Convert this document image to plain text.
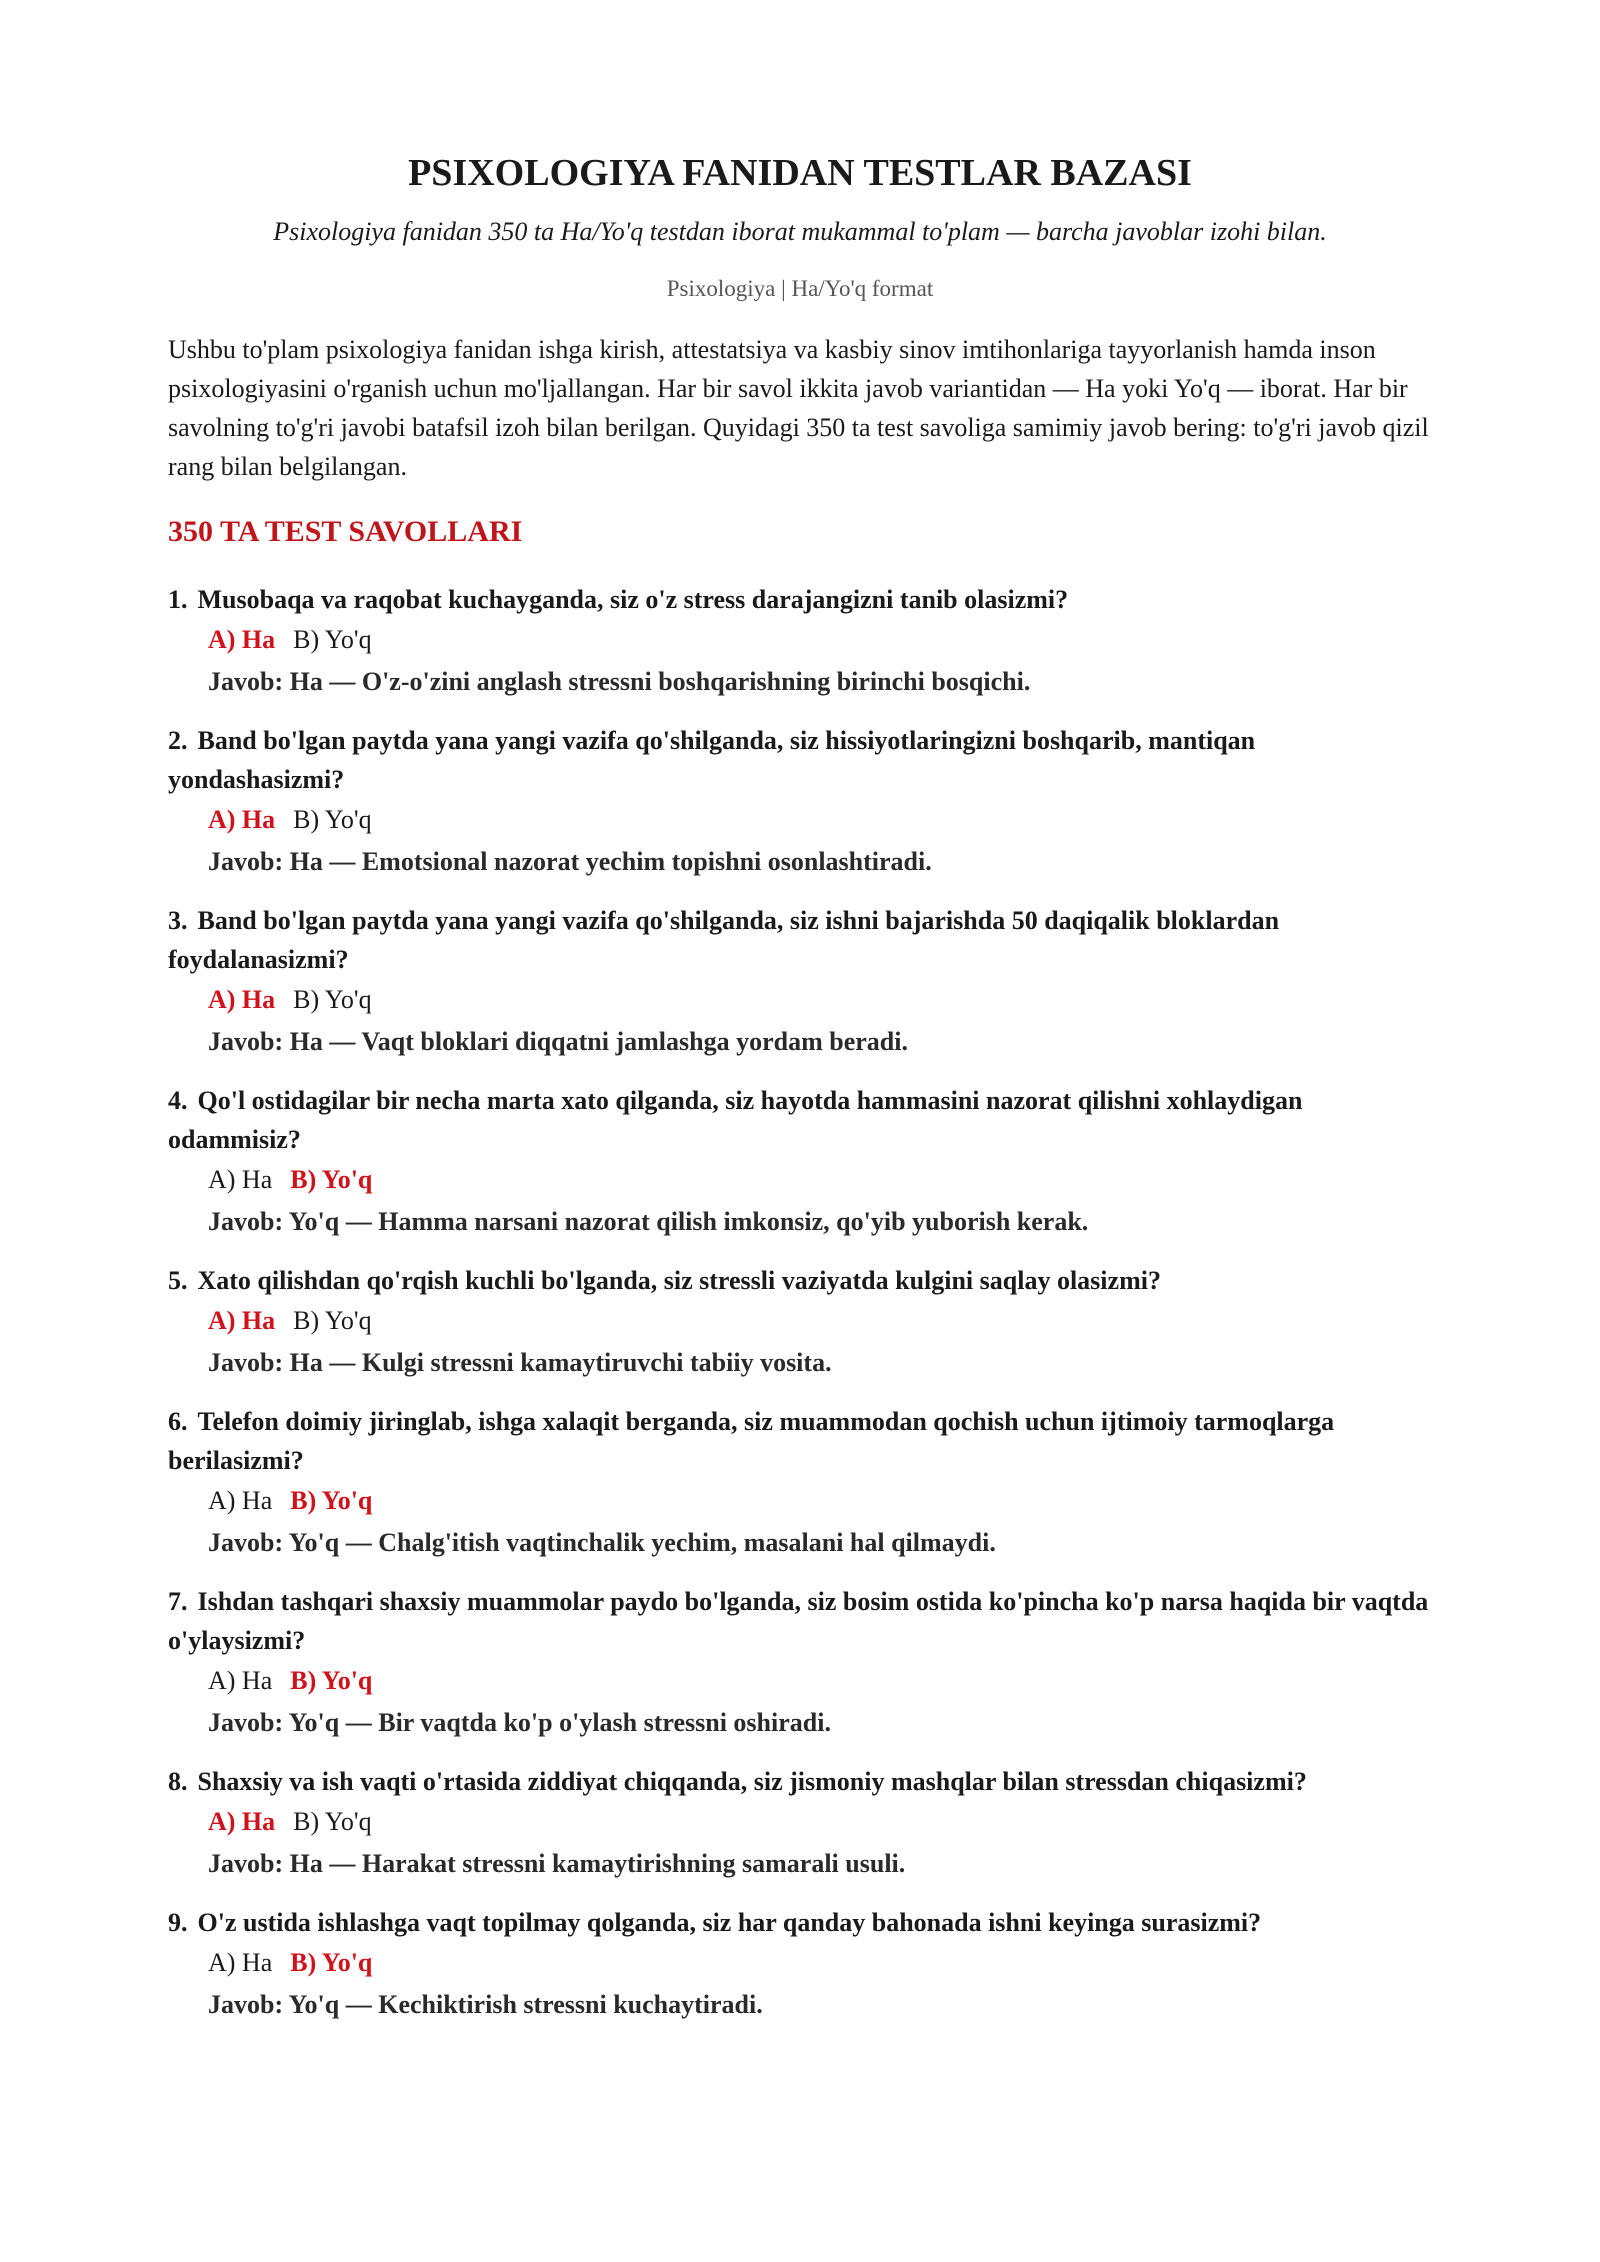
PSIXOLOGIYA FANIDAN TESTLAR BAZASI

Psixologiya fanidan 350 ta Ha/Yo'q testdan iborat mukammal to'plam — barcha javoblar izohi bilan.

Psixologiya | Ha/Yo'q format

Ushbu to'plam psixologiya fanidan ishga kirish, attestatsiya va kasbiy sinov imtihonlariga tayyorlanish hamda inson psixologiyasini o'rganish uchun mo'ljallangan. Har bir savol ikkita javob variantidan — Ha yoki Yo'q — iborat. Har bir savolning to'g'ri javobi batafsil izoh bilan berilgan. Quyidagi 350 ta test savoliga samimiy javob bering: to'g'ri javob qizil rang bilan belgilangan.

350 TA TEST SAVOLLARI
1. Musobaqa va raqobat kuchayganda, siz o'z stress darajangizni tanib olasizmi?
A) Ha B) Yo'q
Javob: Ha — O'z-o'zini anglash stressni boshqarishning birinchi bosqichi.
2. Band bo'lgan paytda yana yangi vazifa qo'shilganda, siz hissiyotlaringizni boshqarib, mantiqan yondashasizmi?
A) Ha B) Yo'q
Javob: Ha — Emotsional nazorat yechim topishni osonlashtiradi.
3. Band bo'lgan paytda yana yangi vazifa qo'shilganda, siz ishni bajarishda 50 daqiqalik bloklardan foydalanasizmi?
A) Ha B) Yo'q
Javob: Ha — Vaqt bloklari diqqatni jamlashga yordam beradi.
4. Qo'l ostidagilar bir necha marta xato qilganda, siz hayotda hammasini nazorat qilishni xohlaydigan odammisiz?
A) Ha B) Yo'q
Javob: Yo'q — Hamma narsani nazorat qilish imkonsiz, qo'yib yuborish kerak.
5. Xato qilishdan qo'rqish kuchli bo'lganda, siz stressli vaziyatda kulgini saqlay olasizmi?
A) Ha B) Yo'q
Javob: Ha — Kulgi stressni kamaytiruvchi tabiiy vosita.
6. Telefon doimiy jiringlab, ishga xalaqit berganda, siz muammodan qochish uchun ijtimoiy tarmoqlarga berilasizmi?
A) Ha B) Yo'q
Javob: Yo'q — Chalg'itish vaqtinchalik yechim, masalani hal qilmaydi.
7. Ishdan tashqari shaxsiy muammolar paydo bo'lganda, siz bosim ostida ko'pincha ko'p narsa haqida bir vaqtda o'ylaysizmi?
A) Ha B) Yo'q
Javob: Yo'q — Bir vaqtda ko'p o'ylash stressni oshiradi.
8. Shaxsiy va ish vaqti o'rtasida ziddiyat chiqqanda, siz jismoniy mashqlar bilan stressdan chiqasizmi?
A) Ha B) Yo'q
Javob: Ha — Harakat stressni kamaytirishning samarali usuli.
9. O'z ustida ishlashga vaqt topilmay qolganda, siz har qanday bahonada ishni keyinga surasizmi?
A) Ha B) Yo'q
Javob: Yo'q — Kechiktirish stressni kuchaytiradi.
